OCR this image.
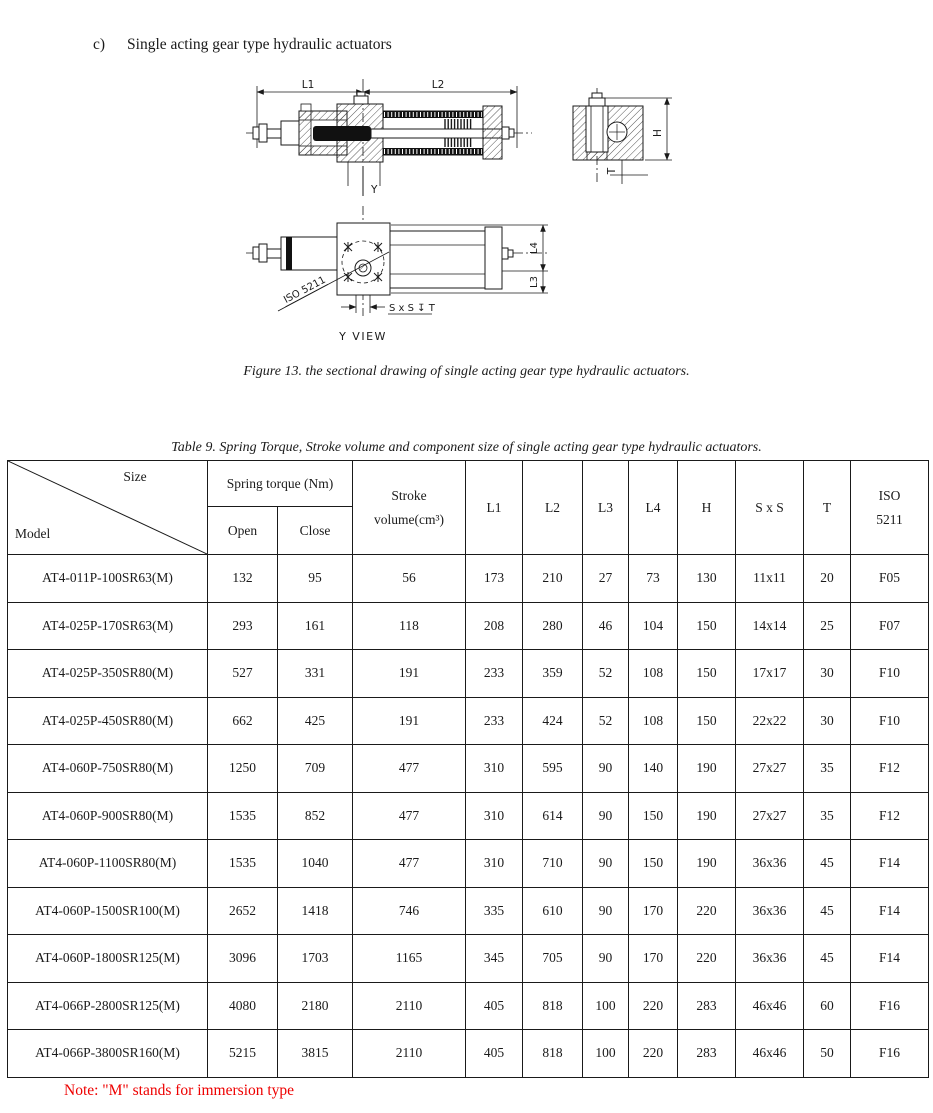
c) Single acting gear type hydraulic actuators
L1	L2
Y
H
T
S x S ↧ T
ISO 5211
Y VIEW
L4
L3
Figure 13. the sectional drawing of single acting gear type hydraulic actuators.
Table 9. Spring Torque, Stroke volume and component size of single acting gear type hydraulic actuators.
Size
Model
	Spring torque (Nm)	
Stroke
volume(cm³)
	L1	L2	L3	L4	H	S x S	T	
ISO
5211

	Open	Close									
AT4-011P-100SR63(M)	132	95	56	173	210	27	73	130	11x11	20	F05
AT4-025P-170SR63(M)	293	161	118	208	280	46	104	150	14x14	25	F07
AT4-025P-350SR80(M)	527	331	191	233	359	52	108	150	17x17	30	F10
AT4-025P-450SR80(M)	662	425	191	233	424	52	108	150	22x22	30	F10
AT4-060P-750SR80(M)	1250	709	477	310	595	90	140	190	27x27	35	F12
AT4-060P-900SR80(M)	1535	852	477	310	614	90	150	190	27x27	35	F12
AT4-060P-1100SR80(M)	1535	1040	477	310	710	90	150	190	36x36	45	F14
AT4-060P-1500SR100(M)	2652	1418	746	335	610	90	170	220	36x36	45	F14
AT4-060P-1800SR125(M)	3096	1703	1165	345	705	90	170	220	36x36	45	F14
AT4-066P-2800SR125(M)	4080	2180	2110	405	818	100	220	283	46x46	60	F16
AT4-066P-3800SR160(M)	5215	3815	2110	405	818	100	220	283	46x46	50	F16
Note: "M" stands for immersion type
